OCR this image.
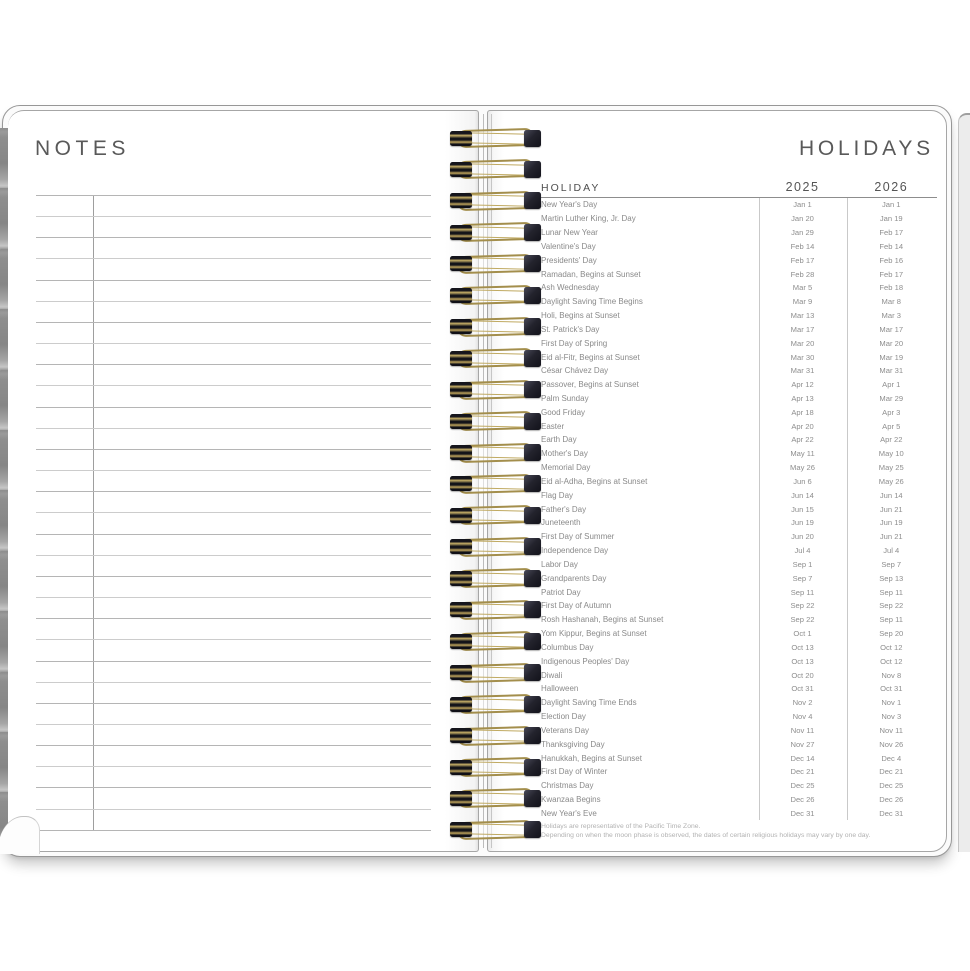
NOTES	HOLIDAYS
HOLIDAY	2025	2026
New Year's Day	Jan 1	Jan 1
Martin Luther King, Jr. Day	Jan 20	Jan 19
Lunar New Year	Jan 29	Feb 17
Valentine's Day	Feb 14	Feb 14
Presidents' Day	Feb 17	Feb 16
Ramadan, Begins at Sunset	Feb 28	Feb 17
Ash Wednesday	Mar 5	Feb 18
Daylight Saving Time Begins	Mar 9	Mar 8
Holi, Begins at Sunset	Mar 13	Mar 3
St. Patrick's Day	Mar 17	Mar 17
First Day of Spring	Mar 20	Mar 20
Eid al-Fitr, Begins at Sunset	Mar 30	Mar 19
César Chávez Day	Mar 31	Mar 31
Passover, Begins at Sunset	Apr 12	Apr 1
Palm Sunday	Apr 13	Mar 29
Good Friday	Apr 18	Apr 3
Easter	Apr 20	Apr 5
Earth Day	Apr 22	Apr 22
Mother's Day	May 11	May 10
Memorial Day	May 26	May 25
Eid al-Adha, Begins at Sunset	Jun 6	May 26
Flag Day	Jun 14	Jun 14
Father's Day	Jun 15	Jun 21
Juneteenth	Jun 19	Jun 19
First Day of Summer	Jun 20	Jun 21
Independence Day	Jul 4	Jul 4
Labor Day	Sep 1	Sep 7
Grandparents Day	Sep 7	Sep 13
Patriot Day	Sep 11	Sep 11
First Day of Autumn	Sep 22	Sep 22
Rosh Hashanah, Begins at Sunset	Sep 22	Sep 11
Yom Kippur, Begins at Sunset	Oct 1	Sep 20
Columbus Day	Oct 13	Oct 12
Indigenous Peoples' Day	Oct 13	Oct 12
Diwali	Oct 20	Nov 8
Halloween	Oct 31	Oct 31
Daylight Saving Time Ends	Nov 2	Nov 1
Election Day	Nov 4	Nov 3
Veterans Day	Nov 11	Nov 11
Thanksgiving Day	Nov 27	Nov 26
Hanukkah, Begins at Sunset	Dec 14	Dec 4
First Day of Winter	Dec 21	Dec 21
Christmas Day	Dec 25	Dec 25
Kwanzaa Begins	Dec 26	Dec 26
New Year's Eve	Dec 31	Dec 31
Holidays are representative of the Pacific Time Zone.
Depending on when the moon phase is observed, the dates of certain religious holidays may vary by one day.
